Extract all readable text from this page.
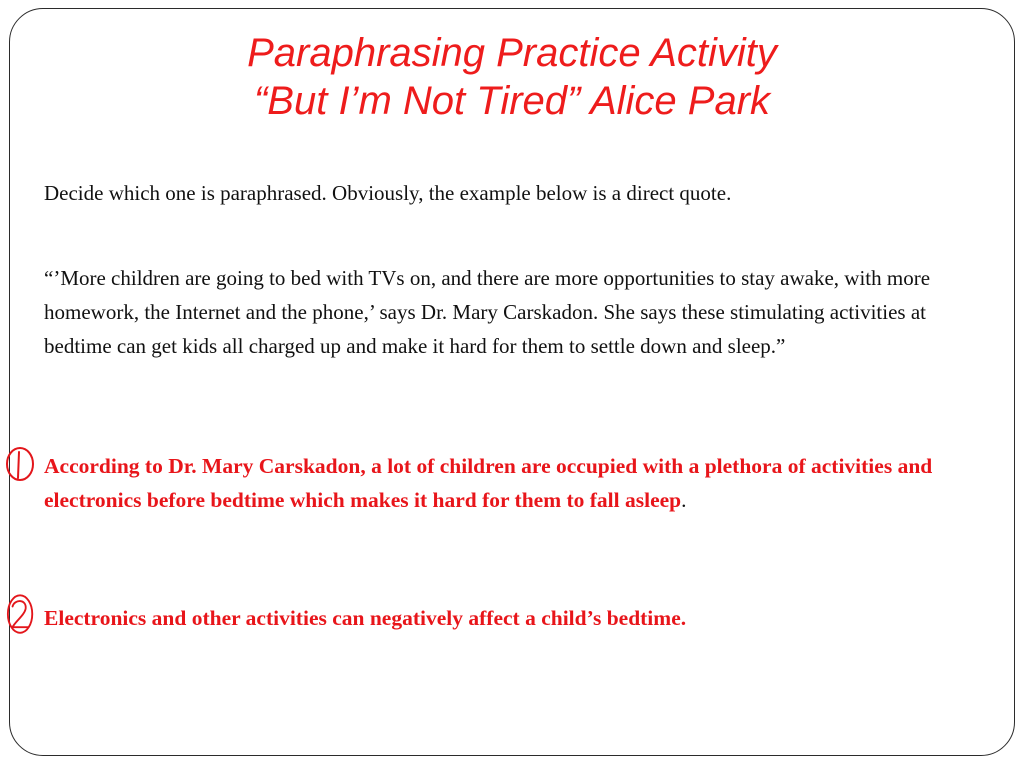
Paraphrasing Practice Activity
“But I’m Not Tired” Alice Park
Decide which one is paraphrased. Obviously, the example below is a direct quote.
“’More children are going to bed with TVs on, and there are more opportunities to stay awake, with more homework, the Internet and the phone,’ says Dr. Mary Carskadon. She says these stimulating activities at bedtime can get kids all charged up and make it hard for them to settle down and sleep.”
According to Dr. Mary Carskadon, a lot of children are occupied with a plethora of activities and electronics before bedtime which makes it hard for them to fall asleep.
Electronics and other activities can negatively affect a child’s bedtime.
